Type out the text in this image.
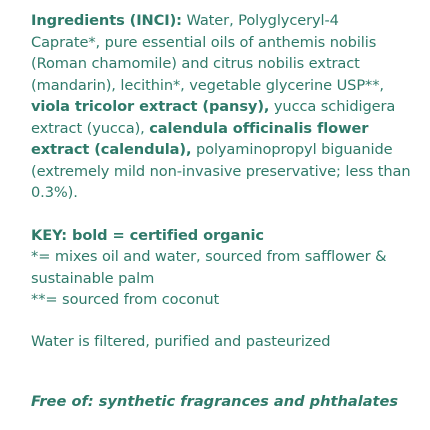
Ingredients (INCI): Water, Polyglyceryl-4 Caprate*, pure essential oils of anthemis nobilis (Roman chamomile) and citrus nobilis extract (mandarin), lecithin*, vegetable glycerine USP**, viola tricolor extract (pansy), yucca schidigera extract (yucca), calendula officinalis flower extract (calendula), polyaminopropyl biguanide (extremely mild non-invasive preservative; less than 0.3%).

KEY: bold = certified organic

*= mixes oil and water, sourced from safflower & sustainable palm

**= sourced from coconut

Water is filtered, purified and pasteurized

Free of: synthetic fragrances and phthalates
